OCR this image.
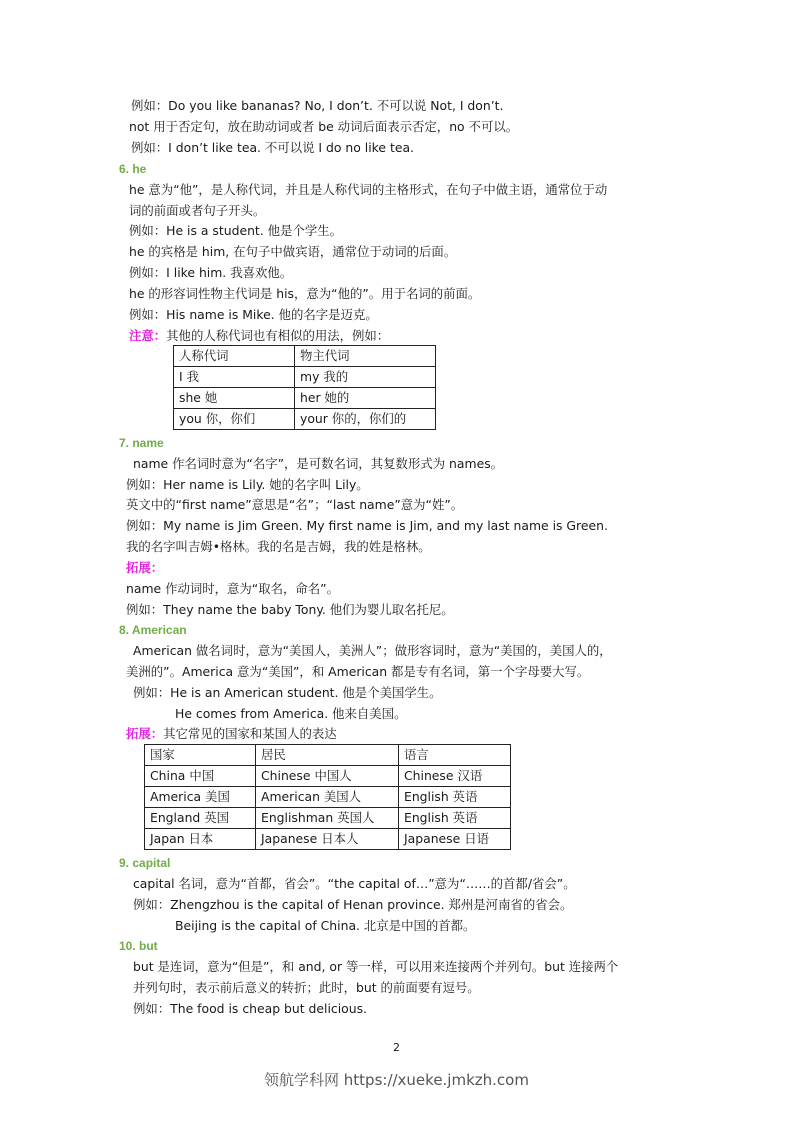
例如：Do you like bananas? No, I don’t. 不可以说 Not, I don’t.
not 用于否定句，放在助动词或者 be 动词后面表示否定，no 不可以。
例如：I don’t like tea. 不可以说 I do no like tea.
6. he
he 意为“他”，是人称代词，并且是人称代词的主格形式，在句子中做主语，通常位于动
词的前面或者句子开头。
例如：He is a student. 他是个学生。
he 的宾格是 him, 在句子中做宾语，通常位于动词的后面。
例如：I like him. 我喜欢他。
he 的形容词性物主代词是 his，意为“他的”。用于名词的前面。
例如：His name is Mike. 他的名字是迈克。
注意：其他的人称代词也有相似的用法，例如：
人称代词	物主代词
I 我	my 我的
she 她	her 她的
you 你，你们	your 你的，你们的
7. name
name 作名词时意为“名字”，是可数名词，其复数形式为 names。
例如：Her name is Lily. 她的名字叫 Lily。
英文中的“first name”意思是“名”；“last name”意为“姓”。
例如：My name is Jim Green. My first name is Jim, and my last name is Green.
我的名字叫吉姆•格林。我的名是吉姆，我的姓是格林。
拓展：
name 作动词时，意为“取名，命名”。
例如：They name the baby Tony. 他们为婴儿取名托尼。
8. American
American 做名词时，意为“美国人，美洲人”；做形容词时，意为“美国的，美国人的，
美洲的”。America 意为“美国”，和 American 都是专有名词，第一个字母要大写。
例如：He is an American student. 他是个美国学生。
He comes from America. 他来自美国。
拓展：其它常见的国家和某国人的表达
国家	居民	语言
China 中国	Chinese 中国人	Chinese 汉语
America 美国	American 美国人	English 英语
England 英国	Englishman 英国人	English 英语
Japan 日本	Japanese 日本人	Japanese 日语
9. capital
capital 名词，意为“首都，省会”。“the capital of…”意为“……的首都/省会”。
例如：Zhengzhou is the capital of Henan province. 郑州是河南省的省会。
Beijing is the capital of China. 北京是中国的首都。
10. but
but 是连词，意为“但是”，和 and, or 等一样，可以用来连接两个并列句。but 连接两个
并列句时，表示前后意义的转折；此时，but 的前面要有逗号。
例如：The food is cheap but delicious.
2
领航学科网 https://xueke.jmkzh.com
